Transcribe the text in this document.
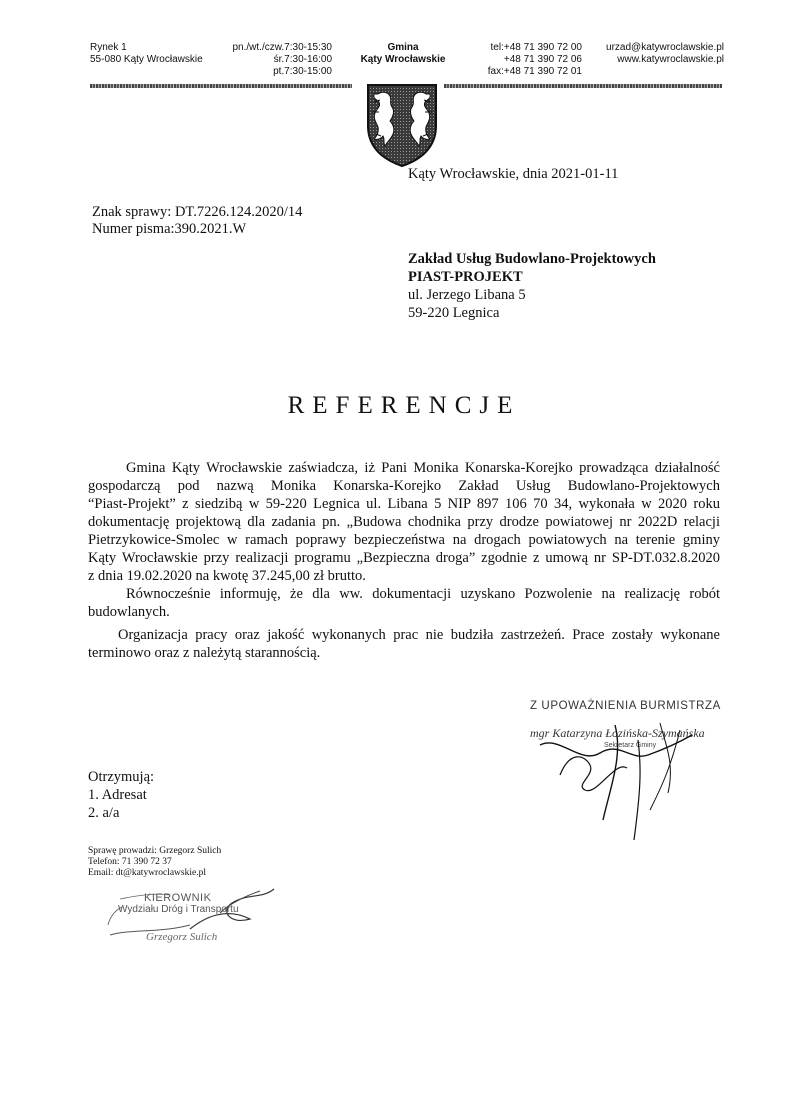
Rynek 1
55-080 Kąty Wrocławskie
pn./wt./czw.7:30-15:30
śr.7:30-16:00
pt.7:30-15:00
Gmina
Kąty Wrocławskie
tel:+48 71 390 72 00
+48 71 390 72 06
fax:+48 71 390 72 01
urzad@katywroclawskie.pl
www.katywroclawskie.pl
Kąty Wrocławskie, dnia 2021-01-11
Znak sprawy: DT.7226.124.2020/14
Numer pisma:390.2021.W
Zakład Usług Budowlano-Projektowych
PIAST-PROJEKT
ul. Jerzego Libana 5
59-220 Legnica
REFERENCJE
Gmina Kąty Wrocławskie zaświadcza, iż Pani Monika Konarska-Korejko prowadząca działalność
gospodarczą pod nazwą Monika Konarska-Korejko Zakład Usług Budowlano-Projektowych
“Piast-Projekt” z siedzibą w 59-220 Legnica ul. Libana 5 NIP 897 106 70 34, wykonała w 2020 roku
dokumentację projektową dla zadania pn. „Budowa chodnika przy drodze powiatowej nr 2022D relacji
Pietrzykowice-Smolec w ramach poprawy bezpieczeństwa na drogach powiatowych na terenie gminy
Kąty Wrocławskie przy realizacji programu „Bezpieczna droga” zgodnie z umową nr SP-DT.032.8.2020
z dnia 19.02.2020 na kwotę 37.245,00 zł brutto.
Równocześnie informuję, że dla ww. dokumentacji uzyskano Pozwolenie na realizację robót
budowlanych.
Organizacja pracy oraz jakość wykonanych prac nie budziła zastrzeżeń. Prace zostały wykonane
terminowo oraz z należytą starannością.
Z UPOWAŻNIENIA BURMISTRZA
mgr Katarzyna Łozińska-Szymańska
Sekretarz Gminy
Otrzymują:
1. Adresat
2. a/a
Sprawę prowadzi: Grzegorz Sulich
Telefon: 71 390 72 37
Email: dt@katywroclawskie.pl
KIEROWNIK
Wydziału Dróg i Transportu
Grzegorz Sulich
